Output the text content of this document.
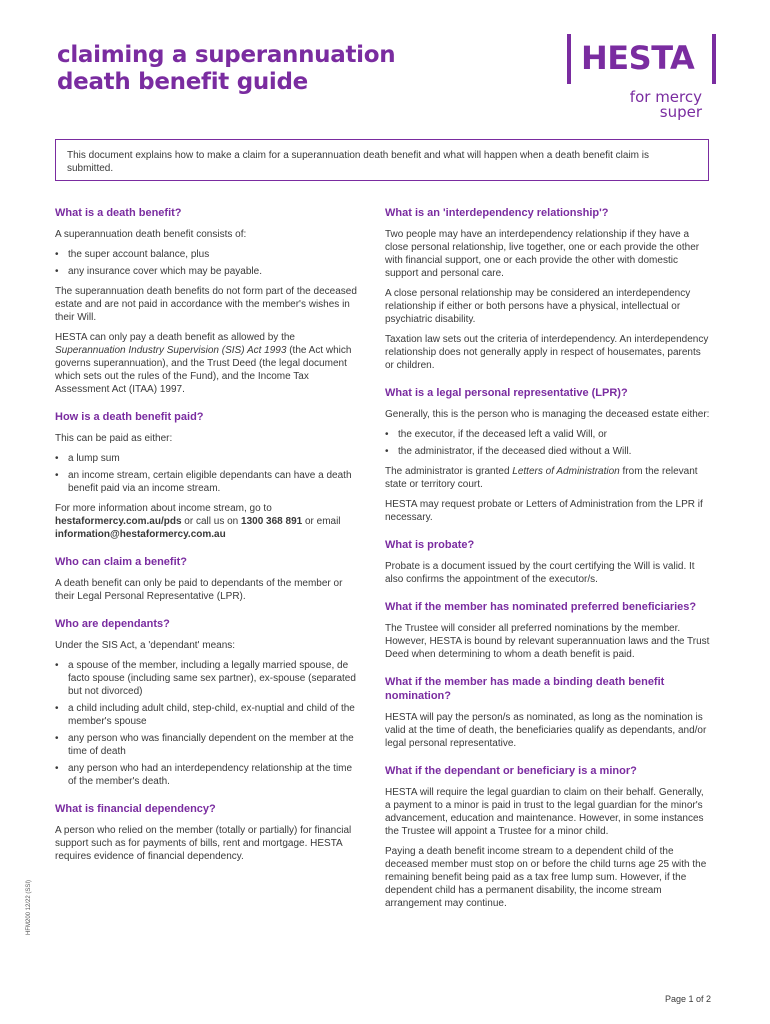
claiming a superannuation
death benefit guide
HESTA
for mercy
super

This document explains how to make a claim for a superannuation death benefit and what will happen when a death benefit claim is submitted.

What is a death benefit?

A superannuation death benefit consists of:

• the super account balance, plus
• any insurance cover which may be payable.

The superannuation death benefits do not form part of the deceased estate and are not paid in accordance with the member's wishes in their Will.

HESTA can only pay a death benefit as allowed by the Superannuation Industry Supervision (SIS) Act 1993 (the Act which governs superannuation), and the Trust Deed (the legal document which sets out the rules of the Fund), and the Income Tax Assessment Act (ITAA) 1997.

How is a death benefit paid?

This can be paid as either:

• a lump sum
• an income stream, certain eligible dependants can have a death benefit paid via an income stream.

For more information about income stream, go to hestaformercy.com.au/pds or call us on 1300 368 891 or email information@hestaformercy.com.au

Who can claim a benefit?

A death benefit can only be paid to dependants of the member or their Legal Personal Representative (LPR).

Who are dependants?

Under the SIS Act, a 'dependant' means:

• a spouse of the member, including a legally married spouse, de facto spouse (including same sex partner), ex-spouse (separated but not divorced)
• a child including adult child, step-child, ex-nuptial and child of the member's spouse
• any person who was financially dependent on the member at the time of death
• any person who had an interdependency relationship at the time of the member's death.
What is financial dependency?

A person who relied on the member (totally or partially) for financial support such as for payments of bills, rent and mortgage. HESTA requires evidence of financial dependency.

What is an 'interdependency relationship'?

Two people may have an interdependency relationship if they have a close personal relationship, live together, one or each provide the other with financial support, one or each provide the other with domestic support and personal care.

A close personal relationship may be considered an interdependency relationship if either or both persons have a physical, intellectual or psychiatric disability.

Taxation law sets out the criteria of interdependency. An interdependency relationship does not generally apply in respect of housemates, parents or children.

What is a legal personal representative (LPR)?

Generally, this is the person who is managing the deceased estate either:

• the executor, if the deceased left a valid Will, or
• the administrator, if the deceased died without a Will.

The administrator is granted Letters of Administration from the relevant state or territory court.

HESTA may request probate or Letters of Administration from the LPR if necessary.

What is probate?

Probate is a document issued by the court certifying the Will is valid. It also confirms the appointment of the executor/s.

What if the member has nominated preferred beneficiaries?

The Trustee will consider all preferred nominations by the member. However, HESTA is bound by relevant superannuation laws and the Trust Deed when determining to whom a death benefit is paid.

What if the member has made a binding death benefit nomination?

HESTA will pay the person/s as nominated, as long as the nomination is valid at the time of death, the beneficiaries qualify as dependants, and/or legal personal representative.

What if the dependant or beneficiary is a minor?

HESTA will require the legal guardian to claim on their behalf. Generally, a payment to a minor is paid in trust to the legal guardian for the minor's advancement, education and maintenance. However, in some instances the Trustee will appoint a Trustee for a minor child.

Paying a death benefit income stream to a dependent child of the deceased member must stop on or before the child turns age 25 with the remaining benefit being paid as a tax free lump sum. However, if the dependent child has a permanent disability, the income stream arrangement may continue.

HFM200 12/22 (SSI)
Page 1 of 2
